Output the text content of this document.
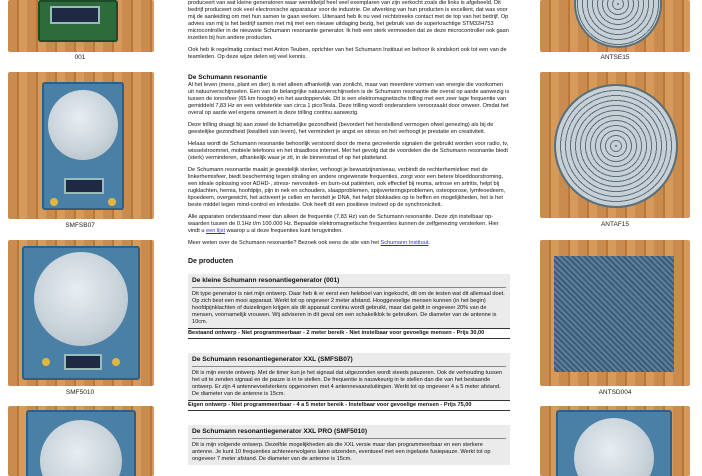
001
SMFSB07
SMF5010

produceert van wat kleine generatoren waar wereldwijd heel veel exemplaren van zijn verkocht zoals die links is afgebeeld. Dit bedrijf produceert ook veel electronische apparatuur voor de industrie. De afwerking van hun producten is excellent, dat was voor mij de aanleiding om met hun samen te gaan werken. Uiteraard heb ik nu veel rechtstreeks contact met de top van het bedrijf. Op advies van mij is het bedrijf samen met mij met een nieuwe uitdaging bezig, het gebruik van de superkrachtige STM32H753 microcontroller in de nieuwste Schumann resonantie generator. Ik heb een sterk vermoeden dat ze deze microcontroller ook gaan inzetten bij hun andere producten.

Ook heb ik regelmatig contact met Anton Teuben, oprichter van het Schumann Instituut en behoor ik sindskort ook tot een van de teamleden. Op deze wijze delen wij veel kennis.

De Schumann resonantie

Al het leven (mens, plant en dier) is niet alleen afhankelijk van zonlicht, maar van meerdere vormen van energie die voorkomen uit natuurverschijnselen. Een van de belangrijke natuurverschijnselen is de Schumann resonantie die overal op aarde aanwezig is tussen de ionosfeer (65 km hoogte) en het aardoppervlak. Dit is een elektromagnetische trilling met een zeer lage frequentie van gemiddeld 7,83 Hz en een veldsterkte van circa 1 picoTesla. Deze trilling wordt onderandere veroorzaakt door onweer. Omdat het overal op aarde wel ergens onweert is deze trilling continu aanwezig.

Deze trilling draagt bij aan zowel de lichamelijke gezondheid (bevordert het herstellend vermogen ofwel genezing) als bij de geestelijke gezondheid (kwaliteit van leven), het vermindert je angst en stress en het verhoogt je prestatie en creativiteit.

Helaas wordt de Schumann resonantie behoorlijk verstoord door de mens gecreëerde signalen die gebruikt worden voor radio, tv, wisselstroomnet, mobiele telefoons en het draadloos internet. Met het gevolg dat de voordelen die de Schumann resonantie biedt (sterk) verminderen, afhankelijk waar je zit, in de binnenstad of op het platteland.

De Schumann resonantie maakt je geestelijk sterker, verhoogt je bewustzijnsniveau, verbindt de rechterhemisfeer met de linkerhemisfeer, biedt bescherming tegen straling en andere ongewenste frequenties, zorgt voor een betere bloeddoorstroming, een ideale oplossing voor ADHD-, stress- nervositeit- en burn-out patiënten, ook effectief bij reuma, artrose en artritis, helpt bij rugklachten, hernia, hoofdpijn, pijn in nek en schouders, slaapproblemen, spijsverteringsproblemen, osteoporose, lymfeoedeem, lipoedeem, overgewicht, het activeert je cellen en herstelt je DNA, het helpt blokkades op te heffen en mogelijkheden, het is het beste middel tegen mind-control en infestatie. Ook heeft dit een positieve invloed op de synchroniciteit.

Alle apparaten onderstaand meer dan alleen de frequentie (7,83 Hz) van de Schumann resonantie. Deze zijn instelbaar op-waarden tussen de 0.1Hz t/m 100.000 Hz. Bepaalde elektromagnetische frequenties kunnen de zelfgenezing versterken. Hier vindt u een lijst waarop u al deze frequenties kunt terugvinden.

Meer weten over de Schumann resonantie? Bezoek ook eens de site van het Schumann Instituut.

De producten
De kleine Schumann resonantiegenerator (001)

Dit type generator is niet mijn ontwerp. Daar heb ik er eerst een heleboel van ingekocht, dit om de testen wat dit allemaal doet. Op zich best een mooi apparaat. Werkt tot op ongeveer 2 meter afstand. Hooggevoelige mensen kunnen (in het begin) hoofdpijnklachten of duizelingen krijgen als dit apparaat continu wordt gebruikt, maar dat geldt in ongeveer 20% van de mensen, voornamelijk vrouwen. Wij adviseren in dit geval om een schakelklok te gebruiken. De diameter van de antenne is 10cm.

Bestaand ontwerp - Niet programmeerbaar - 2 meter bereik - Niet instelbaar voor gevoelige mensen - Prijs 30,00
De Schumann resonantiegenerator XXL (SMFSB07)

Dit is mijn eerste ontwerp. Met de timer kun je het signaal dat uitgezonden wordt steeds pauzeren. Ook de verhouding tussen het uit te zenden signaal en de pauze is in te stellen. De frequentie is nauwkeurig in te stellen dan die van het bestaande ontwerp. Er zijn 4 antennevoelsterkers opgenomen met 4 antennevaansluitingen. Werkt tot op ongeveer 4 a 5 meter afstand. De diameter van de antenne is 15cm.

Eigen ontwerp - Niet programmeerbaar - 4 a 5 meter bereik - Instelbaar voor gevoelige mensen - Prijs 75,00
De Schumann resonantiegenerator XXL PRO (SMF5010)

Dit is mijn volgende ontwerp. Dezelfde mogelijkheden als die XXL versie maar dan programmeerbaar en een sterkere antenne. Je kunt 10 frequenties achtereenvolgens laten uitzenden, eventueel met een ingelaste fusiepauze. Werkt tot op ongeveer 7 meter afstand. De diameter van de antenne is 15cm.

ANTSE15
ANTAF15
ANTSD004
